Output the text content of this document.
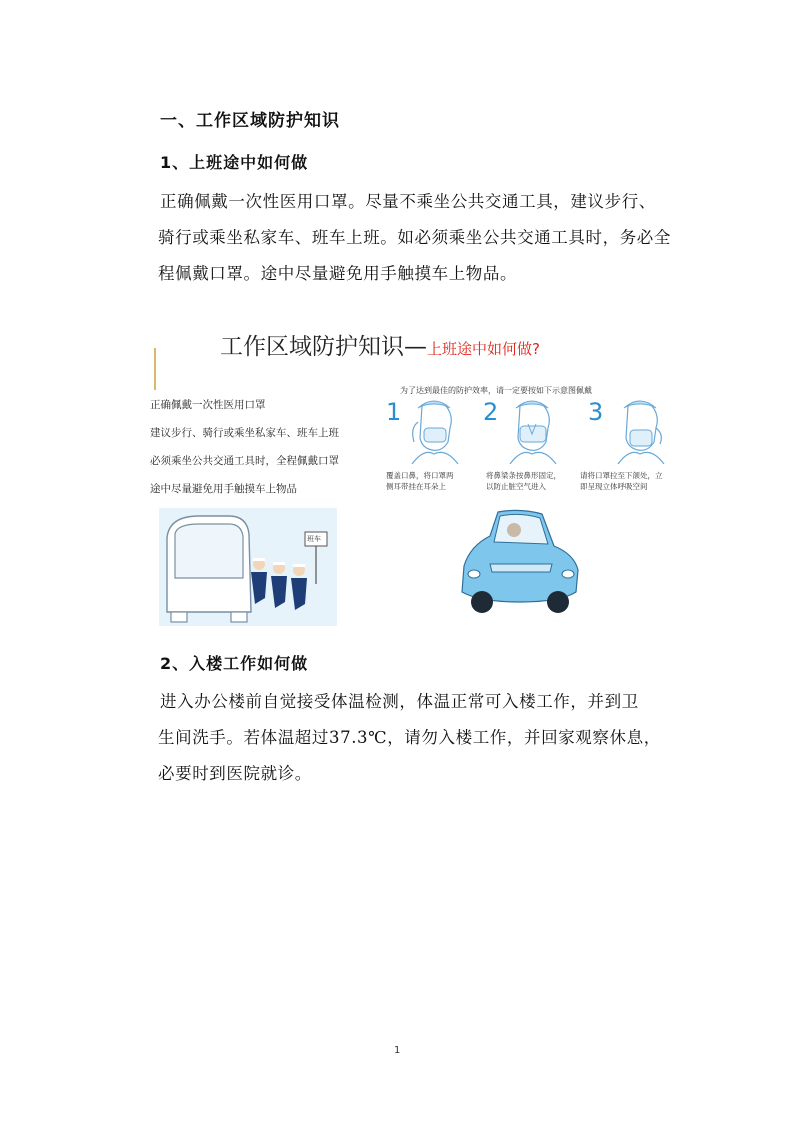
一、工作区域防护知识
1、上班途中如何做
正确佩戴一次性医用口罩。尽量不乘坐公共交通工具，建议步行、
骑行或乘坐私家车、班车上班。如必须乘坐公共交通工具时，务必全
程佩戴口罩。途中尽量避免用手触摸车上物品。
工作区域防护知识—上班途中如何做?
正确佩戴一次性医用口罩
建议步行、骑行或乘坐私家车、班车上班
必须乘坐公共交通工具时，全程佩戴口罩
途中尽量避免用手触摸车上物品
为了达到最佳的防护效率，请一定要按如下示意图佩戴
1
覆盖口鼻，将口罩两
侧耳带挂在耳朵上
2
将鼻梁条按鼻形固定，
以防止脏空气进入
3
请将口罩拉至下颌处，立
即呈现立体呼吸空间
班车
2、入楼工作如何做
进入办公楼前自觉接受体温检测，体温正常可入楼工作，并到卫
生间洗手。若体温超过37.3℃，请勿入楼工作，并回家观察休息，
必要时到医院就诊。
1
